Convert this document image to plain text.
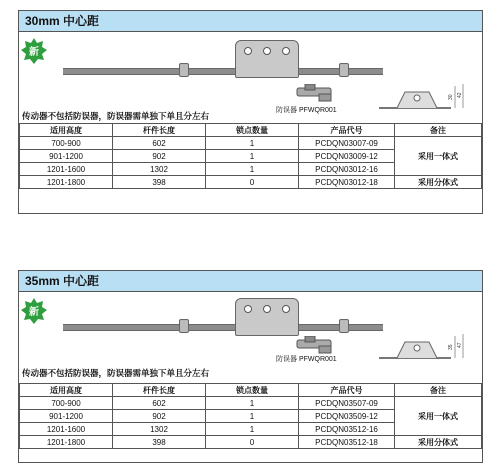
30mm 中心距
新
防误器 PFWQR001
30 42
传动器不包括防误器，防误器需单独下单且分左右
适用高度	杆件长度	锁点数量	产品代号	备注
700-900	602	1	PCDQN03007-09	采用一体式
901-1200	902	1	PCDQN03009-12	
1201-1600	1302	1	PCDQN03012-16	
1201-1800	398	0	PCDQN03012-18	采用分体式
35mm 中心距
新
防误器 PFWQR001
35 47
传动器不包括防误器，防误器需单独下单且分左右
适用高度	杆件长度	锁点数量	产品代号	备注
700-900	602	1	PCDQN03507-09	采用一体式
901-1200	902	1	PCDQN03509-12	
1201-1600	1302	1	PCDQN03512-16	
1201-1800	398	0	PCDQN03512-18	采用分体式
